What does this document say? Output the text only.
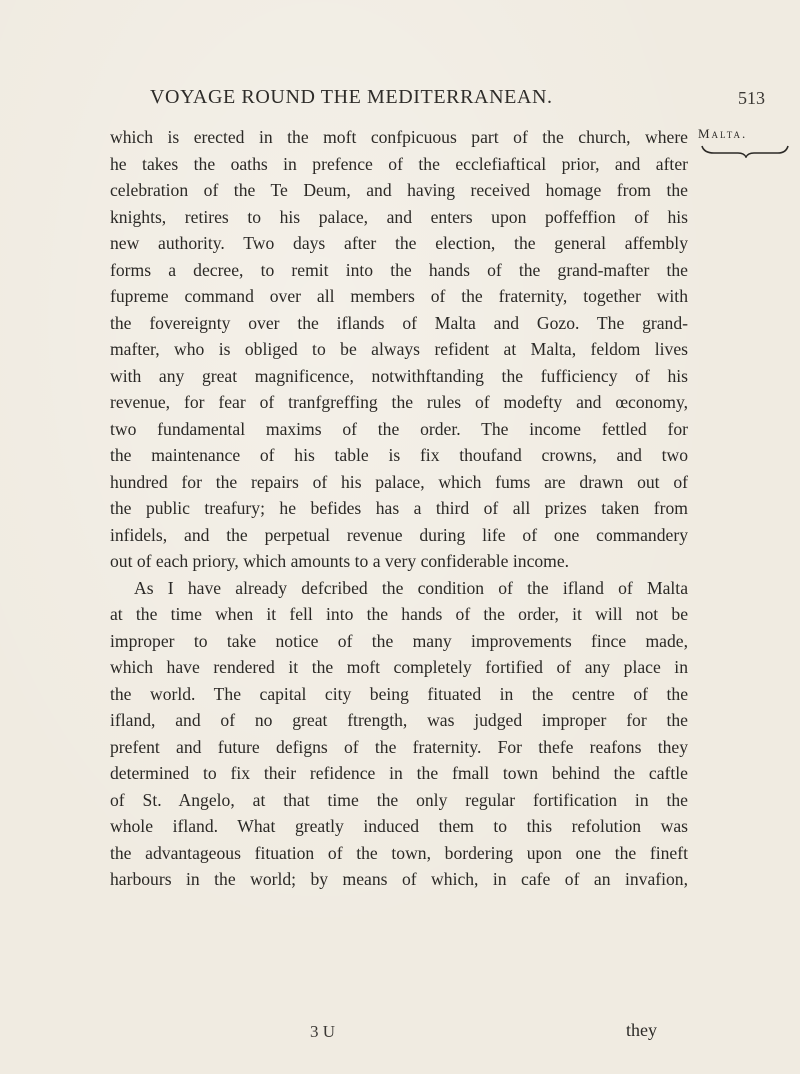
VOYAGE ROUND THE MEDITERRANEAN.	513
Malta.
which is erected in the moft confpicuous part of the church, where
he takes the oaths in prefence of the ecclefiaftical prior, and after
celebration of the Te Deum, and having received homage from the
knights, retires to his palace, and enters upon poffeffion of his
new authority. Two days after the election, the general affembly
forms a decree, to remit into the hands of the grand-mafter the
fupreme command over all members of the fraternity, together with
the fovereignty over the iflands of Malta and Gozo. The grand-
mafter, who is obliged to be always refident at Malta, feldom lives
with any great magnificence, notwithftanding the fufficiency of his
revenue, for fear of tranfgreffing the rules of modefty and œconomy,
two fundamental maxims of the order. The income fettled for
the maintenance of his table is fix thoufand crowns, and two
hundred for the repairs of his palace, which fums are drawn out of
the public treafury; he befides has a third of all prizes taken from
infidels, and the perpetual revenue during life of one commandery
out of each priory, which amounts to a very confiderable income.
As I have already defcribed the condition of the ifland of Malta
at the time when it fell into the hands of the order, it will not be
improper to take notice of the many improvements fince made,
which have rendered it the moft completely fortified of any place in
the world. The capital city being fituated in the centre of the
ifland, and of no great ftrength, was judged improper for the
prefent and future defigns of the fraternity. For thefe reafons they
determined to fix their refidence in the fmall town behind the caftle
of St. Angelo, at that time the only regular fortification in the
whole ifland. What greatly induced them to this refolution was
the advantageous fituation of the town, bordering upon one the fineft
harbours in the world; by means of which, in cafe of an invafion,
3 U	they
